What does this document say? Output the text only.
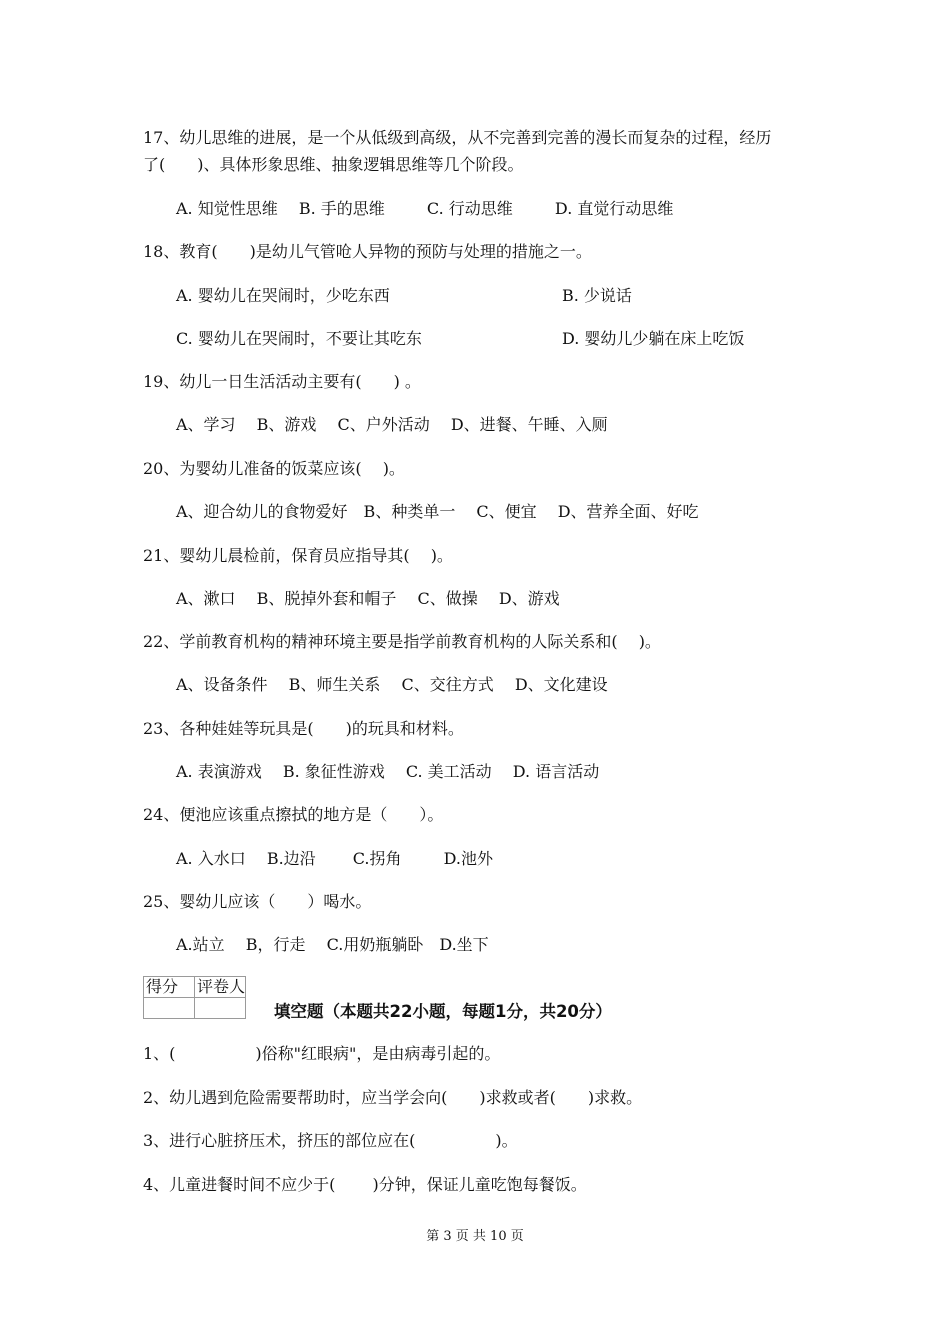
17、幼儿思维的进展，是一个从低级到高级，从不完善到完善的漫长而复杂的过程，经历
了(　　)、具体形象思维、抽象逻辑思维等几个阶段。
A. 知觉性思维　 B. 手的思维　 　 C. 行动思维　 　 D. 直觉行动思维
18、教育(　　)是幼儿气管呛人异物的预防与处理的措施之一。
A. 婴幼儿在哭闹时，少吃东西	B. 少说话
C. 婴幼儿在哭闹时，不要让其吃东	D. 婴幼儿少躺在床上吃饭
19、幼儿一日生活活动主要有(　　) 。
A、学习　 B、游戏　 C、户外活动　 D、进餐、午睡、入厕
20、为婴幼儿准备的饭菜应该(　 )。
A、迎合幼儿的食物爱好　B、种类单一　 C、便宜　 D、营养全面、好吃
21、婴幼儿晨检前，保育员应指导其(　 )。
A、漱口　 B、脱掉外套和帽子　 C、做操　 D、游戏
22、学前教育机构的精神环境主要是指学前教育机构的人际关系和(　 )。
A、设备条件　 B、师生关系　 C、交往方式　 D、文化建设
23、各种娃娃等玩具是(　　)的玩具和材料。
A. 表演游戏　 B. 象征性游戏　 C. 美工活动　 D. 语言活动
24、便池应该重点擦拭的地方是（　　）。
A. 入水口　 B.边沿　 　C.拐角　 　 D.池外
25、婴幼儿应该（　　）喝水。
A.站立　 B，行走　 C.用奶瓶躺卧　D.坐下
得分	评卷人

填空题（本题共22小题，每题1分，共20分）
1、(　　　　　)俗称"红眼病"，是由病毒引起的。
2、幼儿遇到危险需要帮助时，应当学会向(　　)求救或者(　　)求救。
3、进行心脏挤压术，挤压的部位应在(　　　　　)。
4、儿童进餐时间不应少于(　　 )分钟，保证儿童吃饱每餐饭。
第 3 页 共 10 页
